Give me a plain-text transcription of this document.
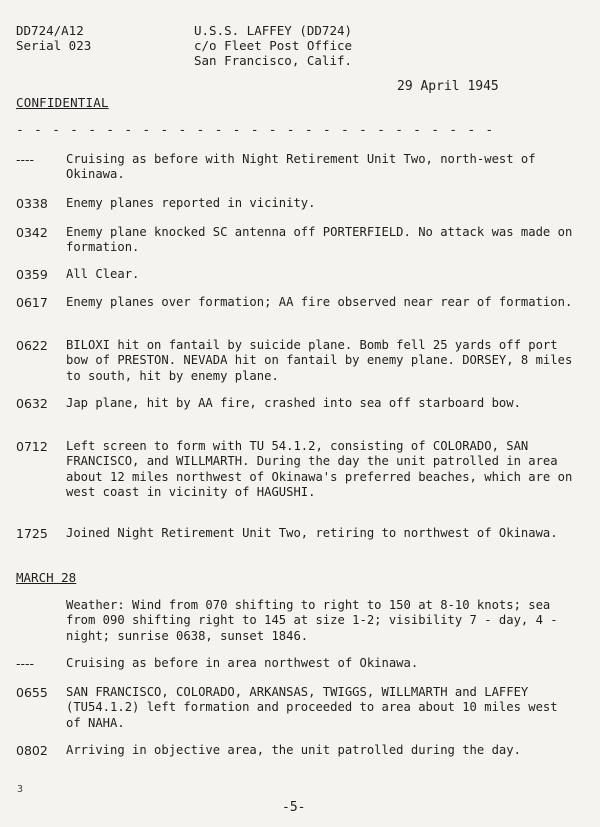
DD724/A12
Serial 023
U.S.S. LAFFEY (DD724)
c/o Fleet Post Office
San Francisco, Calif.
29 April 1945
CONFIDENTIAL
- - - - - - - - - - - - - - - - - - - - - - - - - - -
----	Cruising as before with Night Retirement Unit Two, north-west of Okinawa.
0338 Enemy planes reported in vicinity.
0342 Enemy plane knocked SC antenna off PORTERFIELD. No attack was made on formation.
0359 All Clear.
0617 Enemy planes over formation; AA fire observed near rear of formation.
0622 BILOXI hit on fantail by suicide plane. Bomb fell 25 yards off port bow of PRESTON. NEVADA hit on fantail by enemy plane. DORSEY, 8 miles to south, hit by enemy plane.
0632 Jap plane, hit by AA fire, crashed into sea off starboard bow.
0712 Left screen to form with TU 54.1.2, consisting of COLORADO, SAN FRANCISCO, and WILLMARTH. During the day the unit patrolled in area about 12 miles northwest of Okinawa's preferred beaches, which are on west coast in vicinity of HAGUSHI.
1725 Joined Night Retirement Unit Two, retiring to northwest of Okinawa.
MARCH 28
Weather: Wind from 070 shifting to right to 150 at 8-10 knots; sea from 090 shifting right to 145 at size 1-2; visibility 7 - day, 4 - night; sunrise 0638, sunset 1846.
----	Cruising as before in area northwest of Okinawa.
0655 SAN FRANCISCO, COLORADO, ARKANSAS, TWIGGS, WILLMARTH and LAFFEY (TU54.1.2) left formation and proceeded to area about 10 miles west of NAHA.
0802 Arriving in objective area, the unit patrolled during the day.
3
-5-
